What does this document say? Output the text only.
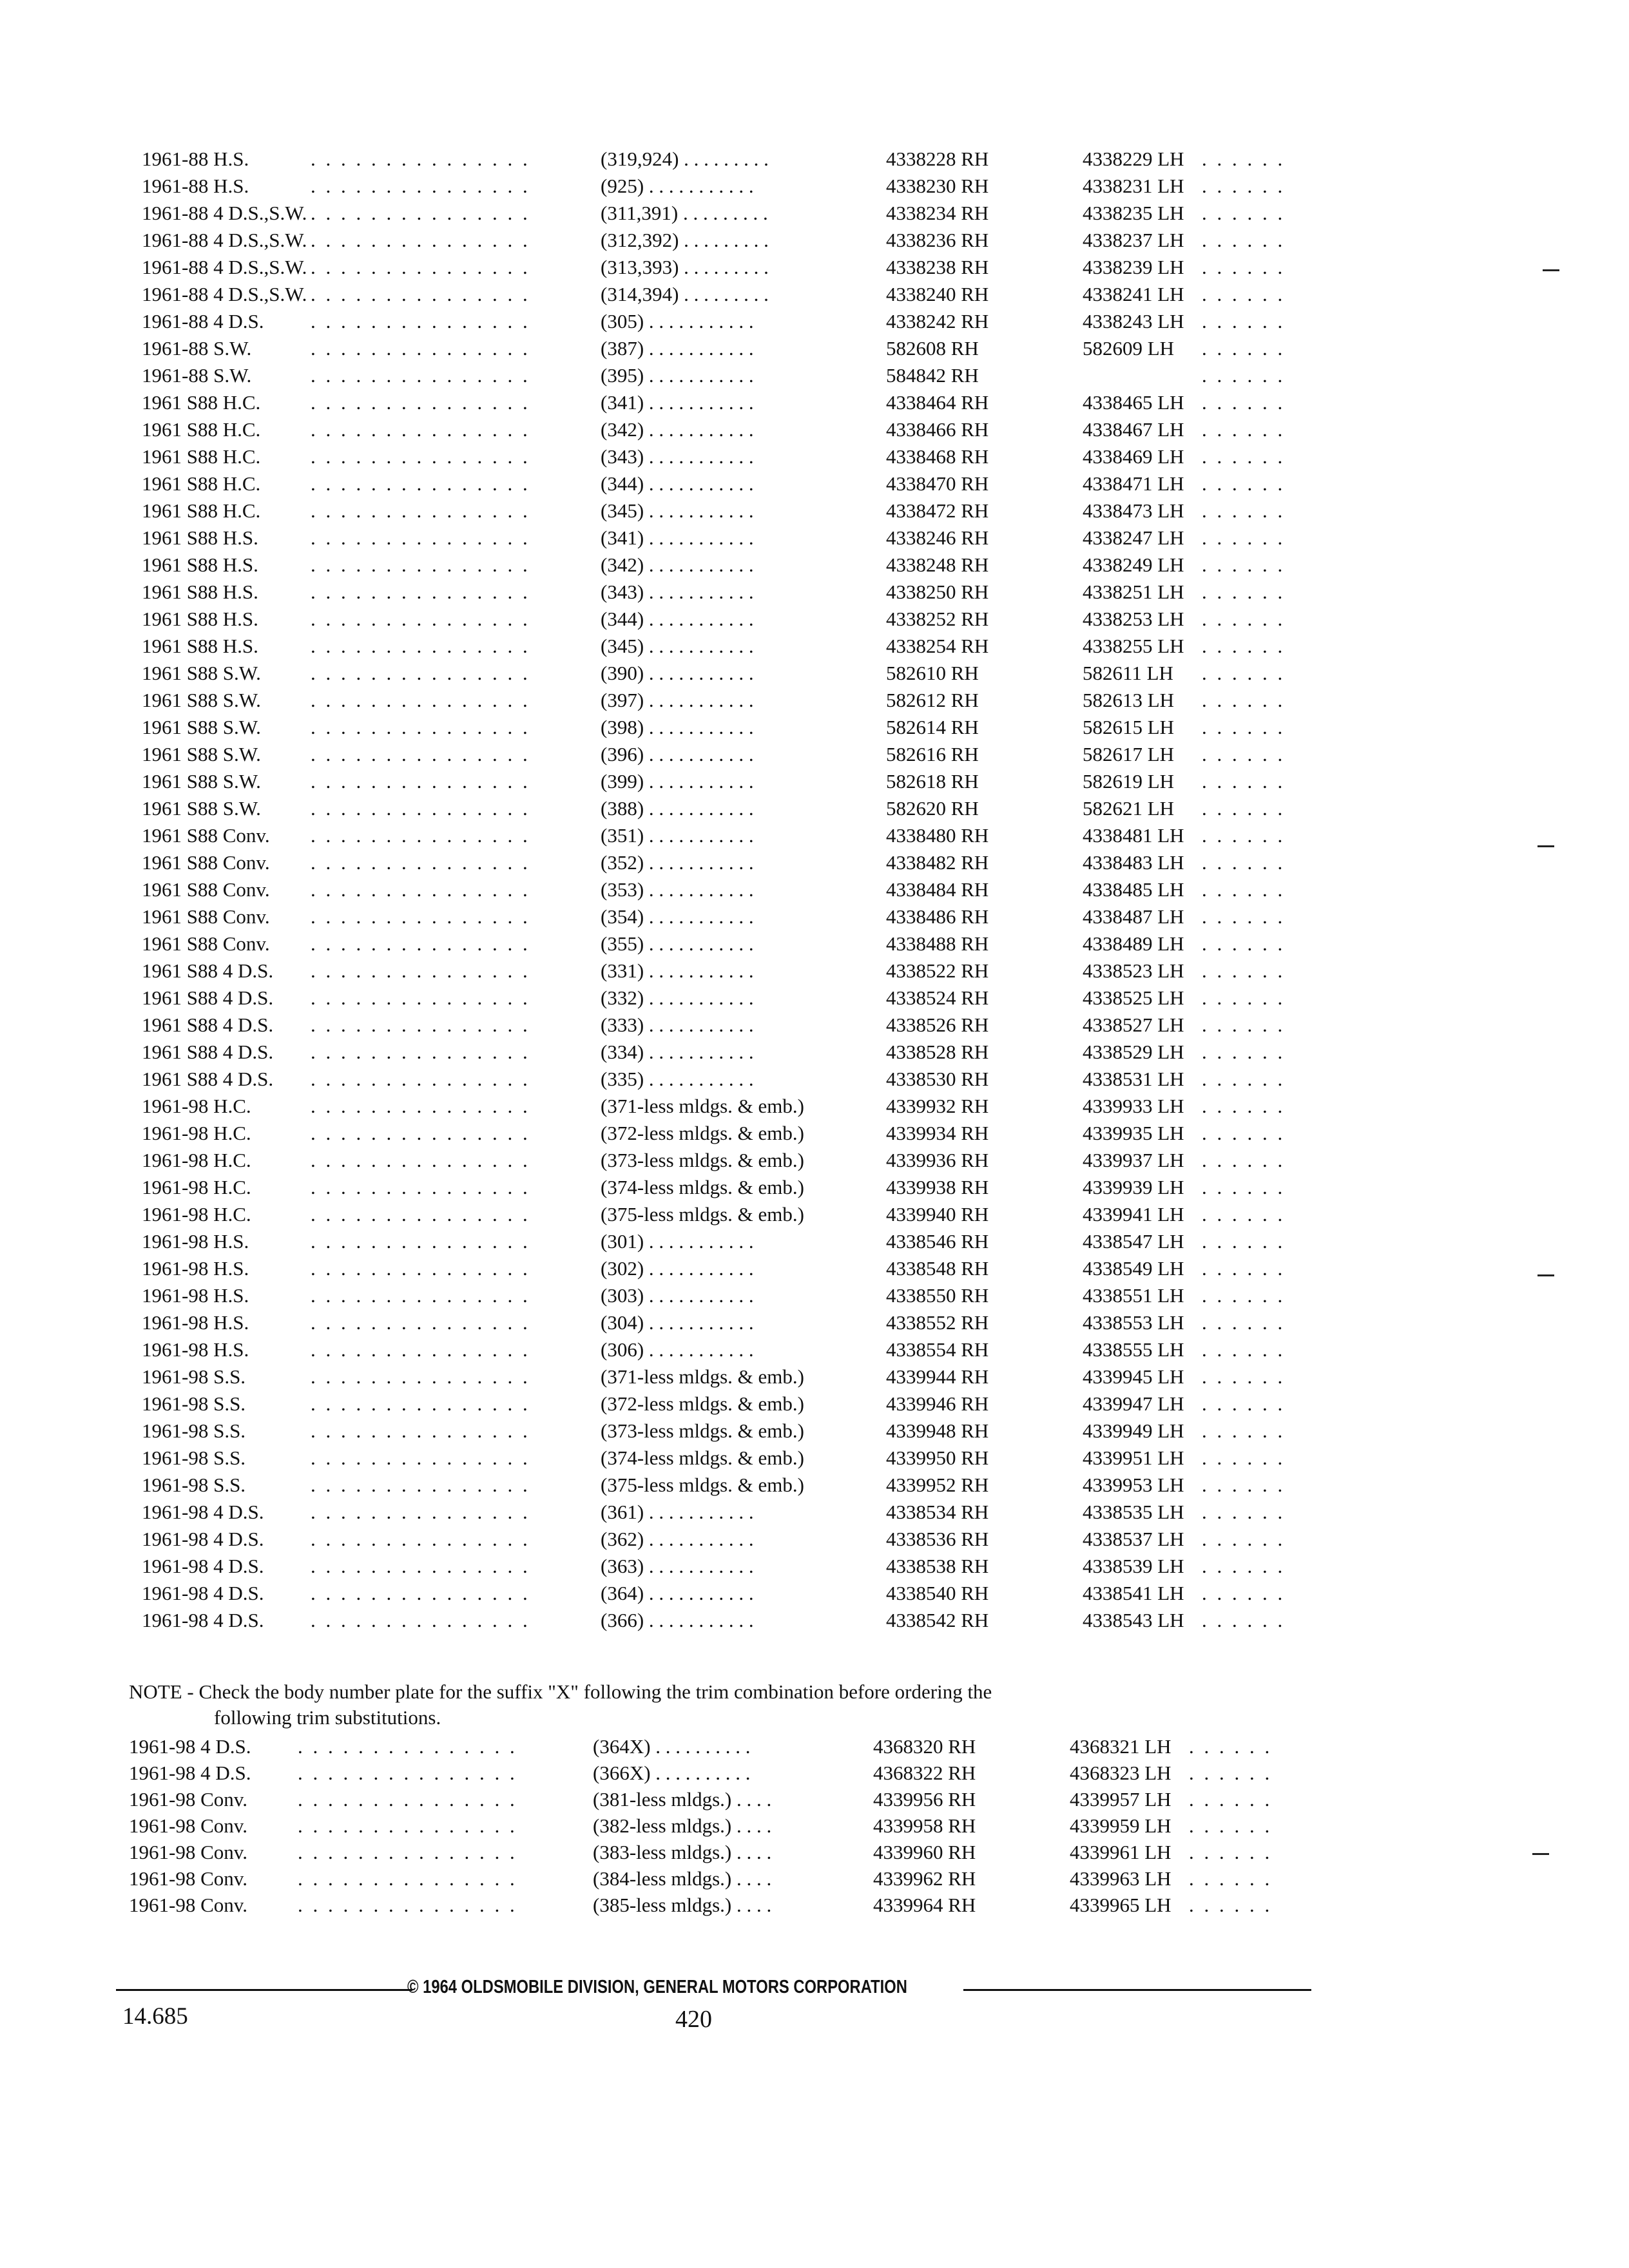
1961-88 H.S.	. . . . . . . . . . . . . . .	(319,924) . . . . . . . . .	4338228 RH	4338229 LH . . . . . .
1961-88 H.S.	. . . . . . . . . . . . . . .	(925) . . . . . . . . . . .	4338230 RH	4338231 LH . . . . . .
1961-88 4 D.S.,S.W. . . . . . . . . . . . . . . .	(311,391) . . . . . . . . .	4338234 RH	4338235 LH . . . . . .
1961-88 4 D.S.,S.W. . . . . . . . . . . . . . . .	(312,392) . . . . . . . . .	4338236 RH	4338237 LH . . . . . .
1961-88 4 D.S.,S.W. . . . . . . . . . . . . . . .	(313,393) . . . . . . . . .	4338238 RH	4338239 LH . . . . . .
1961-88 4 D.S.,S.W. . . . . . . . . . . . . . . .	(314,394) . . . . . . . . .	4338240 RH	4338241 LH . . . . . .
1961-88 4 D.S. . . . . . . . . . . . . . . .	(305) . . . . . . . . . . .	4338242 RH	4338243 LH . . . . . .
1961-88 S.W.	. . . . . . . . . . . . . . .	(387) . . . . . . . . . . .	582608 RH	582609 LH . . . . . .
1961-88 S.W.	. . . . . . . . . . . . . . .	(395) . . . . . . . . . . .	584842 RH	. . . . . .
1961 S88 H.C.	. . . . . . . . . . . . . . .	(341) . . . . . . . . . . .	4338464 RH	4338465 LH . . . . . .
1961 S88 H.C.	. . . . . . . . . . . . . . .	(342) . . . . . . . . . . .	4338466 RH	4338467 LH . . . . . .
1961 S88 H.C.	. . . . . . . . . . . . . . .	(343) . . . . . . . . . . .	4338468 RH	4338469 LH . . . . . .
1961 S88 H.C.	. . . . . . . . . . . . . . .	(344) . . . . . . . . . . .	4338470 RH	4338471 LH . . . . . .
1961 S88 H.C.	. . . . . . . . . . . . . . .	(345) . . . . . . . . . . .	4338472 RH	4338473 LH . . . . . .
1961 S88 H.S.	. . . . . . . . . . . . . . .	(341) . . . . . . . . . . .	4338246 RH	4338247 LH . . . . . .
1961 S88 H.S.	. . . . . . . . . . . . . . .	(342) . . . . . . . . . . .	4338248 RH	4338249 LH . . . . . .
1961 S88 H.S.	. . . . . . . . . . . . . . .	(343) . . . . . . . . . . .	4338250 RH	4338251 LH . . . . . .
1961 S88 H.S.	. . . . . . . . . . . . . . .	(344) . . . . . . . . . . .	4338252 RH	4338253 LH . . . . . .
1961 S88 H.S.	. . . . . . . . . . . . . . .	(345) . . . . . . . . . . .	4338254 RH	4338255 LH . . . . . .
1961 S88 S.W. . . . . . . . . . . . . . . .	(390) . . . . . . . . . . .	582610 RH	582611 LH . . . . . .
1961 S88 S.W. . . . . . . . . . . . . . . .	(397) . . . . . . . . . . .	582612 RH	582613 LH . . . . . .
1961 S88 S.W. . . . . . . . . . . . . . . .	(398) . . . . . . . . . . .	582614 RH	582615 LH . . . . . .
1961 S88 S.W. . . . . . . . . . . . . . . .	(396) . . . . . . . . . . .	582616 RH	582617 LH . . . . . .
1961 S88 S.W. . . . . . . . . . . . . . . .	(399) . . . . . . . . . . .	582618 RH	582619 LH . . . . . .
1961 S88 S.W. . . . . . . . . . . . . . . .	(388) . . . . . . . . . . .	582620 RH	582621 LH . . . . . .
1961 S88 Conv. . . . . . . . . . . . . . . .	(351) . . . . . . . . . . .	4338480 RH	4338481 LH . . . . . .
1961 S88 Conv. . . . . . . . . . . . . . . .	(352) . . . . . . . . . . .	4338482 RH	4338483 LH . . . . . .
1961 S88 Conv. . . . . . . . . . . . . . . .	(353) . . . . . . . . . . .	4338484 RH	4338485 LH . . . . . .
1961 S88 Conv. . . . . . . . . . . . . . . .	(354) . . . . . . . . . . .	4338486 RH	4338487 LH . . . . . .
1961 S88 Conv. . . . . . . . . . . . . . . .	(355) . . . . . . . . . . .	4338488 RH	4338489 LH . . . . . .
1961 S88 4 D.S. . . . . . . . . . . . . . . .	(331) . . . . . . . . . . .	4338522 RH	4338523 LH . . . . . .
1961 S88 4 D.S. . . . . . . . . . . . . . . .	(332) . . . . . . . . . . .	4338524 RH	4338525 LH . . . . . .
1961 S88 4 D.S. . . . . . . . . . . . . . . .	(333) . . . . . . . . . . .	4338526 RH	4338527 LH . . . . . .
1961 S88 4 D.S. . . . . . . . . . . . . . . .	(334) . . . . . . . . . . .	4338528 RH	4338529 LH . . . . . .
1961 S88 4 D.S. . . . . . . . . . . . . . . .	(335) . . . . . . . . . . .	4338530 RH	4338531 LH . . . . . .
1961-98 H.C.	. . . . . . . . . . . . . . .	(371-less mldgs. & emb.)	4339932 RH	4339933 LH . . . . . .
1961-98 H.C.	. . . . . . . . . . . . . . .	(372-less mldgs. & emb.)	4339934 RH	4339935 LH . . . . . .
1961-98 H.C.	. . . . . . . . . . . . . . .	(373-less mldgs. & emb.)	4339936 RH	4339937 LH . . . . . .
1961-98 H.C.	. . . . . . . . . . . . . . .	(374-less mldgs. & emb.)	4339938 RH	4339939 LH . . . . . .
1961-98 H.C.	. . . . . . . . . . . . . . .	(375-less mldgs. & emb.)	4339940 RH	4339941 LH . . . . . .
1961-98 H.S.	. . . . . . . . . . . . . . .	(301) . . . . . . . . . . .	4338546 RH	4338547 LH . . . . . .
1961-98 H.S.	. . . . . . . . . . . . . . .	(302) . . . . . . . . . . .	4338548 RH	4338549 LH . . . . . .
1961-98 H.S.	. . . . . . . . . . . . . . .	(303) . . . . . . . . . . .	4338550 RH	4338551 LH . . . . . .
1961-98 H.S.	. . . . . . . . . . . . . . .	(304) . . . . . . . . . . .	4338552 RH	4338553 LH . . . . . .
1961-98 H.S.	. . . . . . . . . . . . . . .	(306) . . . . . . . . . . .	4338554 RH	4338555 LH . . . . . .
1961-98 S.S.	. . . . . . . . . . . . . . .	(371-less mldgs. & emb.)	4339944 RH	4339945 LH . . . . . .
1961-98 S.S.	. . . . . . . . . . . . . . .	(372-less mldgs. & emb.)	4339946 RH	4339947 LH . . . . . .
1961-98 S.S.	. . . . . . . . . . . . . . .	(373-less mldgs. & emb.)	4339948 RH	4339949 LH . . . . . .
1961-98 S.S.	. . . . . . . . . . . . . . .	(374-less mldgs. & emb.)	4339950 RH	4339951 LH . . . . . .
1961-98 S.S.	. . . . . . . . . . . . . . .	(375-less mldgs. & emb.)	4339952 RH	4339953 LH . . . . . .
1961-98 4 D.S. . . . . . . . . . . . . . . .	(361) . . . . . . . . . . .	4338534 RH	4338535 LH . . . . . .
1961-98 4 D.S. . . . . . . . . . . . . . . .	(362) . . . . . . . . . . .	4338536 RH	4338537 LH . . . . . .
1961-98 4 D.S. . . . . . . . . . . . . . . .	(363) . . . . . . . . . . .	4338538 RH	4338539 LH . . . . . .
1961-98 4 D.S. . . . . . . . . . . . . . . .	(364) . . . . . . . . . . .	4338540 RH	4338541 LH . . . . . .
1961-98 4 D.S. . . . . . . . . . . . . . . .	(366) . . . . . . . . . . .	4338542 RH	4338543 LH . . . . . .
NOTE - Check the body number plate for the suffix "X" following the trim combination before ordering the
following trim substitutions.
1961-98 4 D.S. . . . . . . . . . . . . . . .	(364X) . . . . . . . . . .	4368320 RH	4368321 LH . . . . . .
1961-98 4 D.S. . . . . . . . . . . . . . . .	(366X) . . . . . . . . . .	4368322 RH	4368323 LH . . . . . .
1961-98 Conv.	. . . . . . . . . . . . . . .	(381-less mldgs.) . . . .	4339956 RH	4339957 LH . . . . . .
1961-98 Conv.	. . . . . . . . . . . . . . .	(382-less mldgs.) . . . .	4339958 RH	4339959 LH . . . . . .
1961-98 Conv.	. . . . . . . . . . . . . . .	(383-less mldgs.) . . . .	4339960 RH	4339961 LH . . . . . .
1961-98 Conv.	. . . . . . . . . . . . . . .	(384-less mldgs.) . . . .	4339962 RH	4339963 LH . . . . . .
1961-98 Conv.	. . . . . . . . . . . . . . .	(385-less mldgs.) . . . .	4339964 RH	4339965 LH . . . . . .
© 1964 OLDSMOBILE DIVISION, GENERAL MOTORS CORPORATION
14.685	420
